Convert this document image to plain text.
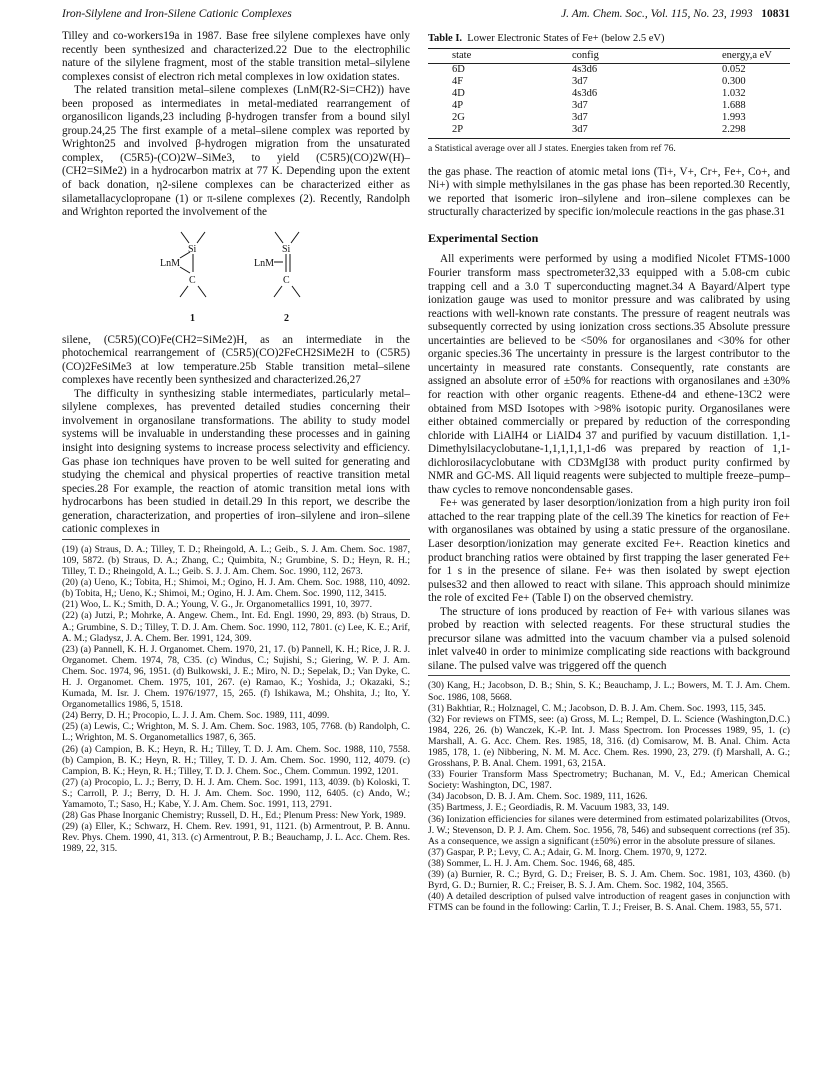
Iron-Silylene and Iron-Silene Cationic Complexes	J. Am. Chem. Soc., Vol. 115, No. 23, 1993 10831

Tilley and co-workers19a in 1987. Base free silylene complexes have only recently been synthesized and characterized.22 Due to the electrophilic nature of the silylene fragment, most of the stable transition metal–silylene complexes consist of electron rich metal complexes in low oxidation states.

The related transition metal–silene complexes (LnM(R2-Si=CH2)) have been proposed as intermediates in metal-mediated rearrangement of organosilicon ligands,23 including β-hydrogen transfer from a bound silyl group.24,25 The first example of a metal–silene complex was reported by Wrighton25 and involved β-hydrogen migration from the unsaturated complex, (C5R5)-(CO)2W–SiMe3, to yield (C5R5)(CO)2W(H)–(CH2=SiMe2) in a hydrocarbon matrix at 77 K. Depending upon the extent of back donation, η2-silene complexes can be characterized either as silametallacyclopropane (1) or π-silene complexes (2). Recently, Randolph and Wrighton reported the involvement of the

Si
LnM
C
1
Si
LnM
C
2

silene, (C5R5)(CO)Fe(CH2=SiMe2)H, as an intermediate in the photochemical rearrangement of (C5R5)(CO)2FeCH2SiMe2H to (C5R5)(CO)2FeSiMe3 at low temperature.25b Stable transition metal–silene complexes have recently been synthesized and characterized.26,27

The difficulty in synthesizing stable intermediates, particularly metal–silylene complexes, has prevented detailed studies concerning their involvement in organosilane transformations. The ability to study model systems will be invaluable in understanding these processes and in gaining insight into designing systems to increase process selectivity and efficiency. Gas phase ion techniques have proven to be well suited for generating and studying the chemical and physical properties of reactive transition metal species.28 For example, the reaction of atomic transition metal ions with hydrocarbons has been studied in detail.29 In this report, we describe the generation, characterization, and properties of iron–silylene and iron–silene cationic complexes in

(19) (a) Straus, D. A.; Tilley, T. D.; Rheingold, A. L.; Geib., S. J. Am. Chem. Soc. 1987, 109, 5872. (b) Straus, D. A.; Zhang, C.; Quimbita, N.; Grumbine, S. D.; Heyn, R. H.; Tilley, T. D.; Rheingold, A. L.; Geib. S. J. J. Am. Chem. Soc. 1990, 112, 2673.

(20) (a) Ueno, K.; Tobita, H.; Shimoi, M.; Ogino, H. J. Am. Chem. Soc. 1988, 110, 4092. (b) Tobita, H,; Ueno, K.; Shimoi, M.; Ogino, H. J. Am. Chem. Soc. 1990, 112, 3415.

(21) Woo, L. K.; Smith, D. A.; Young, V. G., Jr. Organometallics 1991, 10, 3977.

(22) (a) Jutzi, P.; Mohrke, A. Angew. Chem., Int. Ed. Engl. 1990, 29, 893. (b) Straus, D. A.; Grumbine, S. D.; Tilley, T. D. J. Am. Chem. Soc. 1990, 112, 7801. (c) Lee, K. E.; Arif, A. M.; Gladysz, J. A. Chem. Ber. 1991, 124, 309.

(23) (a) Pannell, K. H. J. Organomet. Chem. 1970, 21, 17. (b) Pannell, K. H.; Rice, J. R. J. Organomet. Chem. 1974, 78, C35. (c) Windus, C.; Sujishi, S.; Giering, W. P. J. Am. Chem. Soc. 1974, 96, 1951. (d) Bulkowski, J. E.; Miro, N. D.; Sepelak, D.; Van Dyke, C. H. J. Organomet. Chem. 1975, 101, 267. (e) Ramao, K.; Yoshida, J.; Okazaki, S.; Kumada, M. Isr. J. Chem. 1976/1977, 15, 265. (f) Ishikawa, M.; Ohshita, J.; Ito, Y. Organometallics 1986, 5, 1518.

(24) Berry, D. H.; Procopio, L. J. J. Am. Chem. Soc. 1989, 111, 4099.

(25) (a) Lewis, C.; Wrighton, M. S. J. Am. Chem. Soc. 1983, 105, 7768. (b) Randolph, C. L.; Wrighton, M. S. Organometallics 1987, 6, 365.

(26) (a) Campion, B. K.; Heyn, R. H.; Tilley, T. D. J. Am. Chem. Soc. 1988, 110, 7558. (b) Campion, B. K.; Heyn, R. H.; Tilley, T. D. J. Am. Chem. Soc. 1990, 112, 4079. (c) Campion, B. K.; Heyn, R. H.; Tilley, T. D. J. Chem. Soc., Chem. Commun. 1992, 1201.

(27) (a) Procopio, L. J.; Berry, D. H. J. Am. Chem. Soc. 1991, 113, 4039. (b) Koloski, T. S.; Carroll, P. J.; Berry, D. H. J. Am. Chem. Soc. 1990, 112, 6405. (c) Ando, W.; Yamamoto, T.; Saso, H.; Kabe, Y. J. Am. Chem. Soc. 1991, 113, 2791.

(28) Gas Phase Inorganic Chemistry; Russell, D. H., Ed.; Plenum Press: New York, 1989.

(29) (a) Eller, K.; Schwarz, H. Chem. Rev. 1991, 91, 1121. (b) Armentrout, P. B. Annu. Rev. Phys. Chem. 1990, 41, 313. (c) Armentrout, P. B.; Beauchamp, J. L. Acc. Chem. Res. 1989, 22, 315.

Table I. Lower Electronic States of Fe+ (below 2.5 eV)
state	config	energy,a eV
6D	4s3d6	0.052
4F	3d7	0.300
4D	4s3d6	1.032
4P	3d7	1.688
2G	3d7	1.993
2P	3d7	2.298
a Statistical average over all J states. Energies taken from ref 76.

the gas phase. The reaction of atomic metal ions (Ti+, V+, Cr+, Fe+, Co+, and Ni+) with simple methylsilanes in the gas phase has been reported.30 Recently, we reported that isomeric iron–silylene and iron–silene complexes can be structurally characterized by specific ion/molecule reactions in the gas phase.31

Experimental Section

All experiments were performed by using a modified Nicolet FTMS-1000 Fourier transform mass spectrometer32,33 equipped with a 5.08-cm cubic trapping cell and a 3.0 T superconducting magnet.34 A Bayard/Alpert type ionization gauge was used to monitor pressure and was calibrated by using reactions with well-known rate constants. The pressure of reagent neutrals was subsequently corrected by using ionization cross sections.35 Absolute pressure uncertainties are believed to be <50% for organosilanes and <30% for other organic species.36 The uncertainty in pressure is the largest contributor to the uncertainty in measured rate constants. Consequently, rate constants are assigned an absolute error of ±50% for reactions with organosilanes and ±30% for reaction with other organic reagents. Ethene-d4 and ethene-13C2 were obtained from MSD Isotopes with >98% isotopic purity. Organosilanes were either obtained commercially or prepared by reduction of the corresponding chloride with LiAlH4 or LiAlD4 37 and purified by vacuum distillation. 1,1-Dimethylsilacyclobutane-1,1,1,1,1,1-d6 was prepared by reaction of 1,1-dichlorosilacyclobutane with CD3MgI38 with product purity confirmed by NMR and GC-MS. All liquid reagents were subjected to multiple freeze–pump–thaw cycles to remove noncondensable gases.

Fe+ was generated by laser desorption/ionization from a high purity iron foil attached to the rear trapping plate of the cell.39 The kinetics for reaction of Fe+ with organosilanes was obtained by using a static pressure of the organosilane. Laser desorption/ionization may generate excited Fe+. Reaction kinetics and product branching ratios were obtained by first trapping the laser generated Fe+ for 1 s in the presence of silane. Fe+ was then isolated by swept ejection pulses32 and then allowed to react with silane. This approach should minimize the role of excited Fe+ (Table I) on the observed chemistry.

The structure of ions produced by reaction of Fe+ with various silanes was probed by reaction with selected reagents. For these structural studies the precursor silane was admitted into the vacuum chamber via a pulsed solenoid inlet valve40 in order to minimize complicating side reactions with background silane. The pulsed valve was triggered off the quench

(30) Kang, H.; Jacobson, D. B.; Shin, S. K.; Beauchamp, J. L.; Bowers, M. T. J. Am. Chem. Soc. 1986, 108, 5668.

(31) Bakhtiar, R.; Holznagel, C. M.; Jacobson, D. B. J. Am. Chem. Soc. 1993, 115, 345.

(32) For reviews on FTMS, see: (a) Gross, M. L.; Rempel, D. L. Science (Washington,D.C.) 1984, 226, 26. (b) Wanczek, K.-P. Int. J. Mass Spectrom. Ion Processes 1989, 95, 1. (c) Marshall, A. G. Acc. Chem. Res. 1985, 18, 316. (d) Comisarow, M. B. Anal. Chim. Acta 1985, 178, 1. (e) Nibbering, N. M. M. Acc. Chem. Res. 1990, 23, 279. (f) Marshall, A. G.; Grosshans, P. B. Anal. Chem. 1991, 63, 215A.

(33) Fourier Transform Mass Spectrometry; Buchanan, M. V., Ed.; American Chemical Society: Washington, DC, 1987.

(34) Jacobson, D. B. J. Am. Chem. Soc. 1989, 111, 1626.

(35) Bartmess, J. E.; Geordiadis, R. M. Vacuum 1983, 33, 149.

(36) Ionization efficiencies for silanes were determined from estimated polarizabilites (Otvos, J. W.; Stevenson, D. P. J. Am. Chem. Soc. 1956, 78, 546) and subsequent corrections (ref 35). As a consequence, we assign a significant (±50%) error in the absolute pressure of silanes.

(37) Gaspar, P. P.; Levy, C. A.; Adair, G. M. Inorg. Chem. 1970, 9, 1272.

(38) Sommer, L. H. J. Am. Chem. Soc. 1946, 68, 485.

(39) (a) Burnier, R. C.; Byrd, G. D.; Freiser, B. S. J. Am. Chem. Soc. 1981, 103, 4360. (b) Byrd, G. D.; Burnier, R. C.; Freiser, B. S. J. Am. Chem. Soc. 1982, 104, 3565.

(40) A detailed description of pulsed valve introduction of reagent gases in conjunction with FTMS can be found in the following: Carlin, T. J.; Freiser, B. S. Anal. Chem. 1983, 55, 571.
